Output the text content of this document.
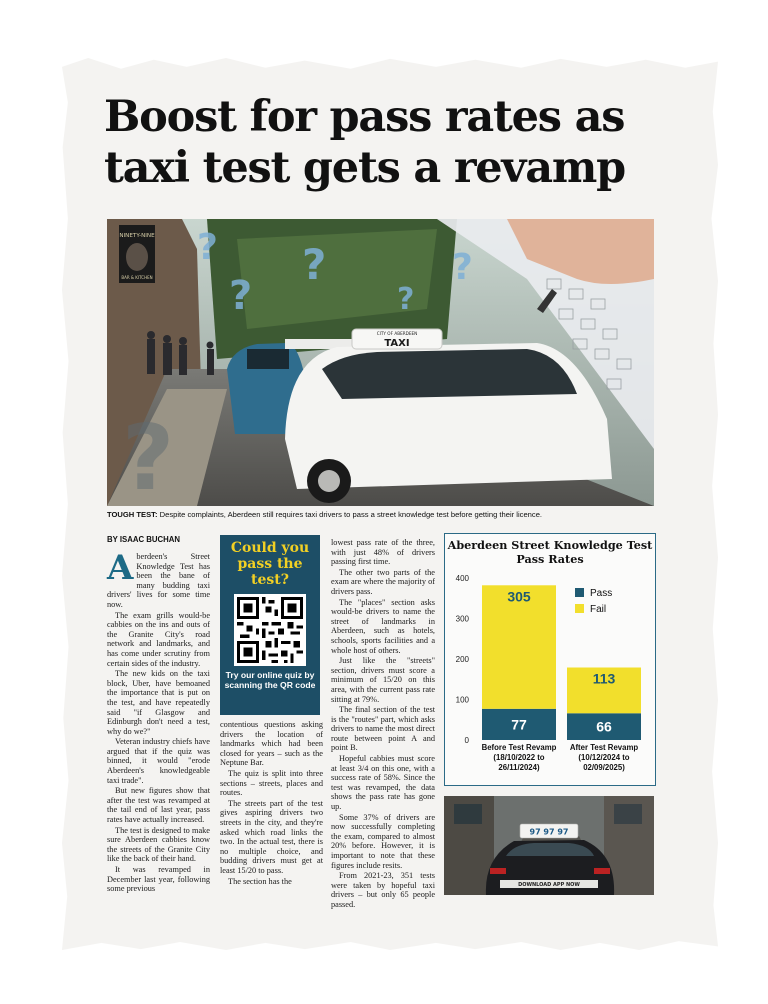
Boost for pass rates as
taxi test gets a revamp
NINETY-NINE
BAR & KITCHEN
CITY OF ABERDEEN
TAXI
?
?
?
?
?
?
TOUGH TEST: Despite complaints, Aberdeen still requires taxi drivers to pass a street knowledge test before getting their licence.
BY ISAAC BUCHAN

Aberdeen's Street Knowledge Test has been the bane of many budding taxi drivers' lives for some time now.

The exam grills would-be cabbies on the ins and outs of the Granite City's road network and landmarks, and has come under scrutiny from certain sides of the industry.

The new kids on the taxi block, Uber, have bemoaned the importance that is put on the test, and have repeatedly said "if Glasgow and Edinburgh don't need a test, why do we?"

Veteran industry chiefs have argued that if the quiz was binned, it would "erode Aberdeen's knowledgeable taxi trade".

But new figures show that after the test was revamped at the tail end of last year, pass rates have actually increased.

The test is designed to make sure Aberdeen cabbies know the streets of the Granite City like the back of their hand.

It was revamped in December last year, following some previous

Could you pass the test?
Try our online quiz by scanning the QR code

contentious questions asking drivers the location of landmarks which had been closed for years – such as the Neptune Bar.

The quiz is split into three sections – streets, places and routes.

The streets part of the test gives aspiring drivers two streets in the city, and they're asked which road links the two. In the actual test, there is no multiple choice, and budding drivers must get at least 15/20 to pass.

The section has the

lowest pass rate of the three, with just 48% of drivers passing first time.

The other two parts of the exam are where the majority of drivers pass.

The "places" section asks would-be drivers to name the street of landmarks in Aberdeen, such as hotels, schools, sports facilities and a whole host of others.

Just like the "streets" section, drivers must score a minimum of 15/20 on this area, with the current pass rate sitting at 79%.

The final section of the test is the "routes" part, which asks drivers to name the most direct route between point A and point B.

Hopeful cabbies must score at least 3/4 on this one, with a success rate of 58%. Since the test was revamped, the data shows the pass rate has gone up.

Some 37% of drivers are now successfully completing the exam, compared to almost 20% before. However, it is important to note that these figures include resits.

From 2021-23, 351 tests were taken by hopeful taxi drivers – but only 65 people passed.

Aberdeen Street Knowledge Test Pass Rates
0
100
200
300
400
77
305
Before Test Revamp
(18/10/2022 to
26/11/2024)
66
113
After Test Revamp
(10/12/2024 to
02/09/2025)
Pass
Fail
97 97 97
DOWNLOAD APP NOW
